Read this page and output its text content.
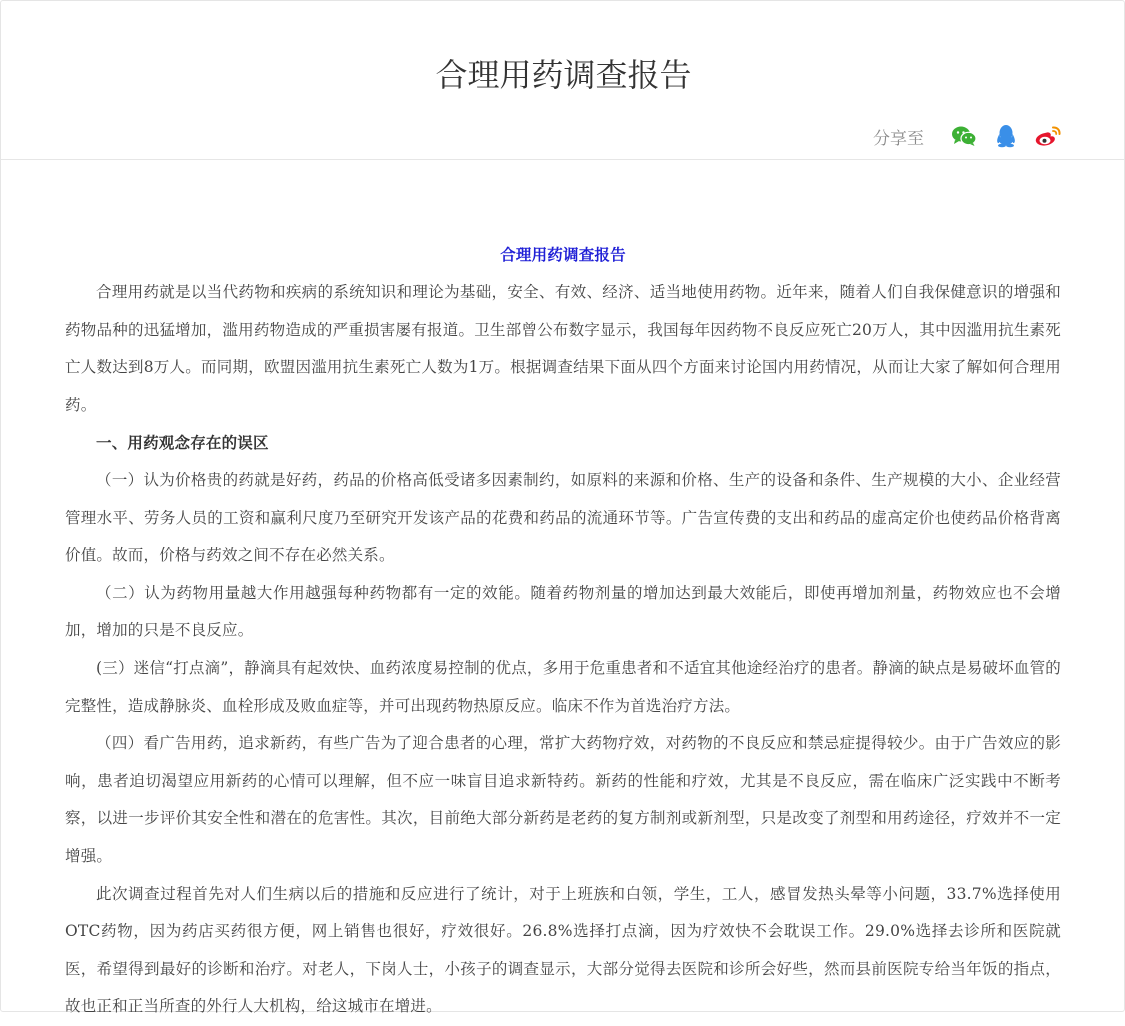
合理用药调查报告
分享至
合理用药调查报告

合理用药就是以当代药物和疾病的系统知识和理论为基础，安全、有效、经济、适当地使用药物。近年来，随着人们自我保健意识的增强和药物品种的迅猛增加，滥用药物造成的严重损害屡有报道。卫生部曾公布数字显示，我国每年因药物不良反应死亡20万人，其中因滥用抗生素死亡人数达到8万人。而同期，欧盟因滥用抗生素死亡人数为1万。根据调查结果下面从四个方面来讨论国内用药情况，从而让大家了解如何合理用药。

一、用药观念存在的误区

（一）认为价格贵的药就是好药，药品的价格高低受诸多因素制约，如原料的来源和价格、生产的设备和条件、生产规模的大小、企业经营管理水平、劳务人员的工资和赢利尺度乃至研究开发该产品的花费和药品的流通环节等。广告宣传费的支出和药品的虚高定价也使药品价格背离价值。故而，价格与药效之间不存在必然关系。

（二）认为药物用量越大作用越强每种药物都有一定的效能。随着药物剂量的增加达到最大效能后，即使再增加剂量，药物效应也不会增加，增加的只是不良反应。

(三）迷信“打点滴”，静滴具有起效快、血药浓度易控制的优点，多用于危重患者和不适宜其他途经治疗的患者。静滴的缺点是易破坏血管的完整性，造成静脉炎、血栓形成及败血症等，并可出现药物热原反应。临床不作为首选治疗方法。

（四）看广告用药，追求新药，有些广告为了迎合患者的心理，常扩大药物疗效，对药物的不良反应和禁忌症提得较少。由于广告效应的影响，患者迫切渴望应用新药的心情可以理解，但不应一味盲目追求新特药。新药的性能和疗效，尤其是不良反应，需在临床广泛实践中不断考察，以进一步评价其安全性和潜在的危害性。其次，目前绝大部分新药是老药的复方制剂或新剂型，只是改变了剂型和用药途径，疗效并不一定增强。

此次调查过程首先对人们生病以后的措施和反应进行了统计，对于上班族和白领，学生，工人，感冒发热头晕等小问题，33.7%选择使用OTC药物，因为药店买药很方便，网上销售也很好，疗效很好。26.8%选择打点滴，因为疗效快不会耽误工作。29.0%选择去诊所和医院就医，希望得到最好的诊断和治疗。对老人，下岗人士，小孩子的调查显示，大部分觉得去医院和诊所会好些，然而县前医院专给当年饭的指点，故也正和正当所查的外行人大机构，给这城市在增进。
